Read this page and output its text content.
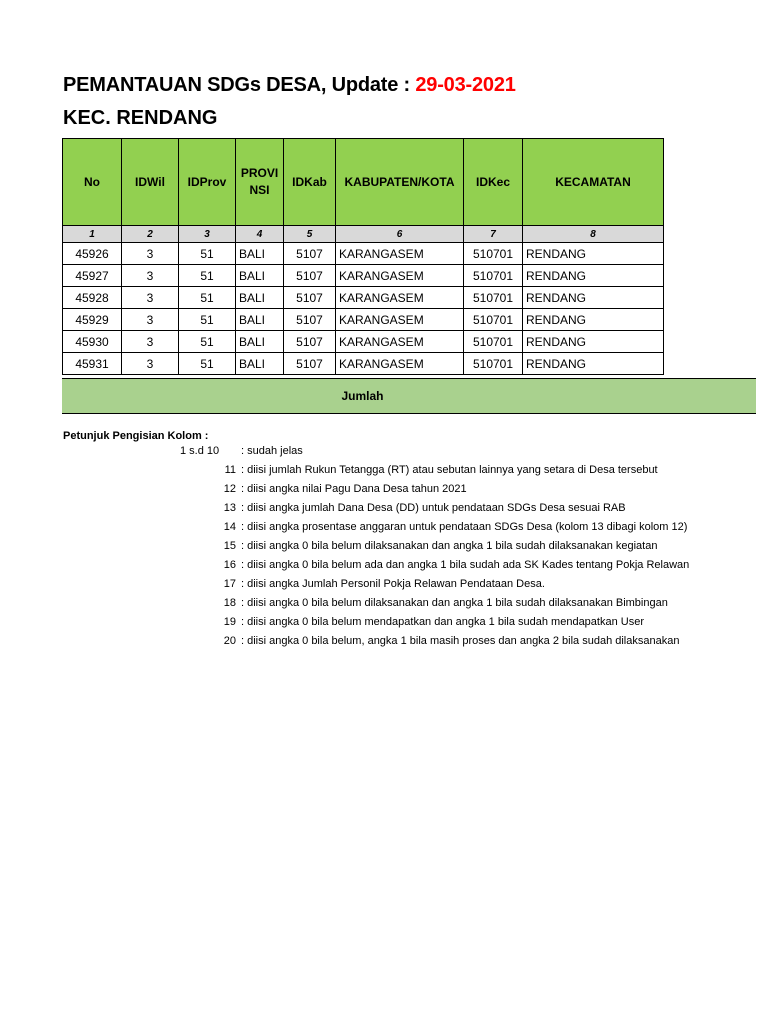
PEMANTAUAN SDGs DESA, Update : 29-03-2021
KEC. RENDANG
No	IDWil	IDProv	PROVINSI	IDKab	KABUPATEN/KOTA	IDKec	KECAMATAN
1	2	3	4	5	6	7	8
45926	3	51	BALI	5107	KARANGASEM	510701	RENDANG
45927	3	51	BALI	5107	KARANGASEM	510701	RENDANG
45928	3	51	BALI	5107	KARANGASEM	510701	RENDANG
45929	3	51	BALI	5107	KARANGASEM	510701	RENDANG
45930	3	51	BALI	5107	KARANGASEM	510701	RENDANG
45931	3	51	BALI	5107	KARANGASEM	510701	RENDANG
Jumlah
Petunjuk Pengisian Kolom :
1 s.d 10 : sudah jelas
11 : diisi jumlah Rukun Tetangga (RT) atau sebutan lainnya yang setara di Desa tersebut
12 : diisi angka nilai Pagu Dana Desa tahun 2021
13 : diisi angka jumlah Dana Desa (DD) untuk pendataan SDGs Desa sesuai RAB
14 : diisi angka prosentase anggaran untuk pendataan SDGs Desa (kolom 13 dibagi kolom 12)
15 : diisi angka 0 bila belum dilaksanakan dan angka 1 bila sudah dilaksanakan kegiatan
16 : diisi angka 0 bila belum ada dan angka 1 bila sudah ada SK Kades tentang Pokja Relawan
17 : diisi angka Jumlah Personil Pokja Relawan Pendataan Desa.
18 : diisi angka 0 bila belum dilaksanakan dan angka 1 bila sudah dilaksanakan Bimbingan
19 : diisi angka 0 bila belum mendapatkan dan angka 1 bila sudah mendapatkan User
20 : diisi angka 0 bila belum, angka 1 bila masih proses dan angka 2 bila sudah dilaksanakan
